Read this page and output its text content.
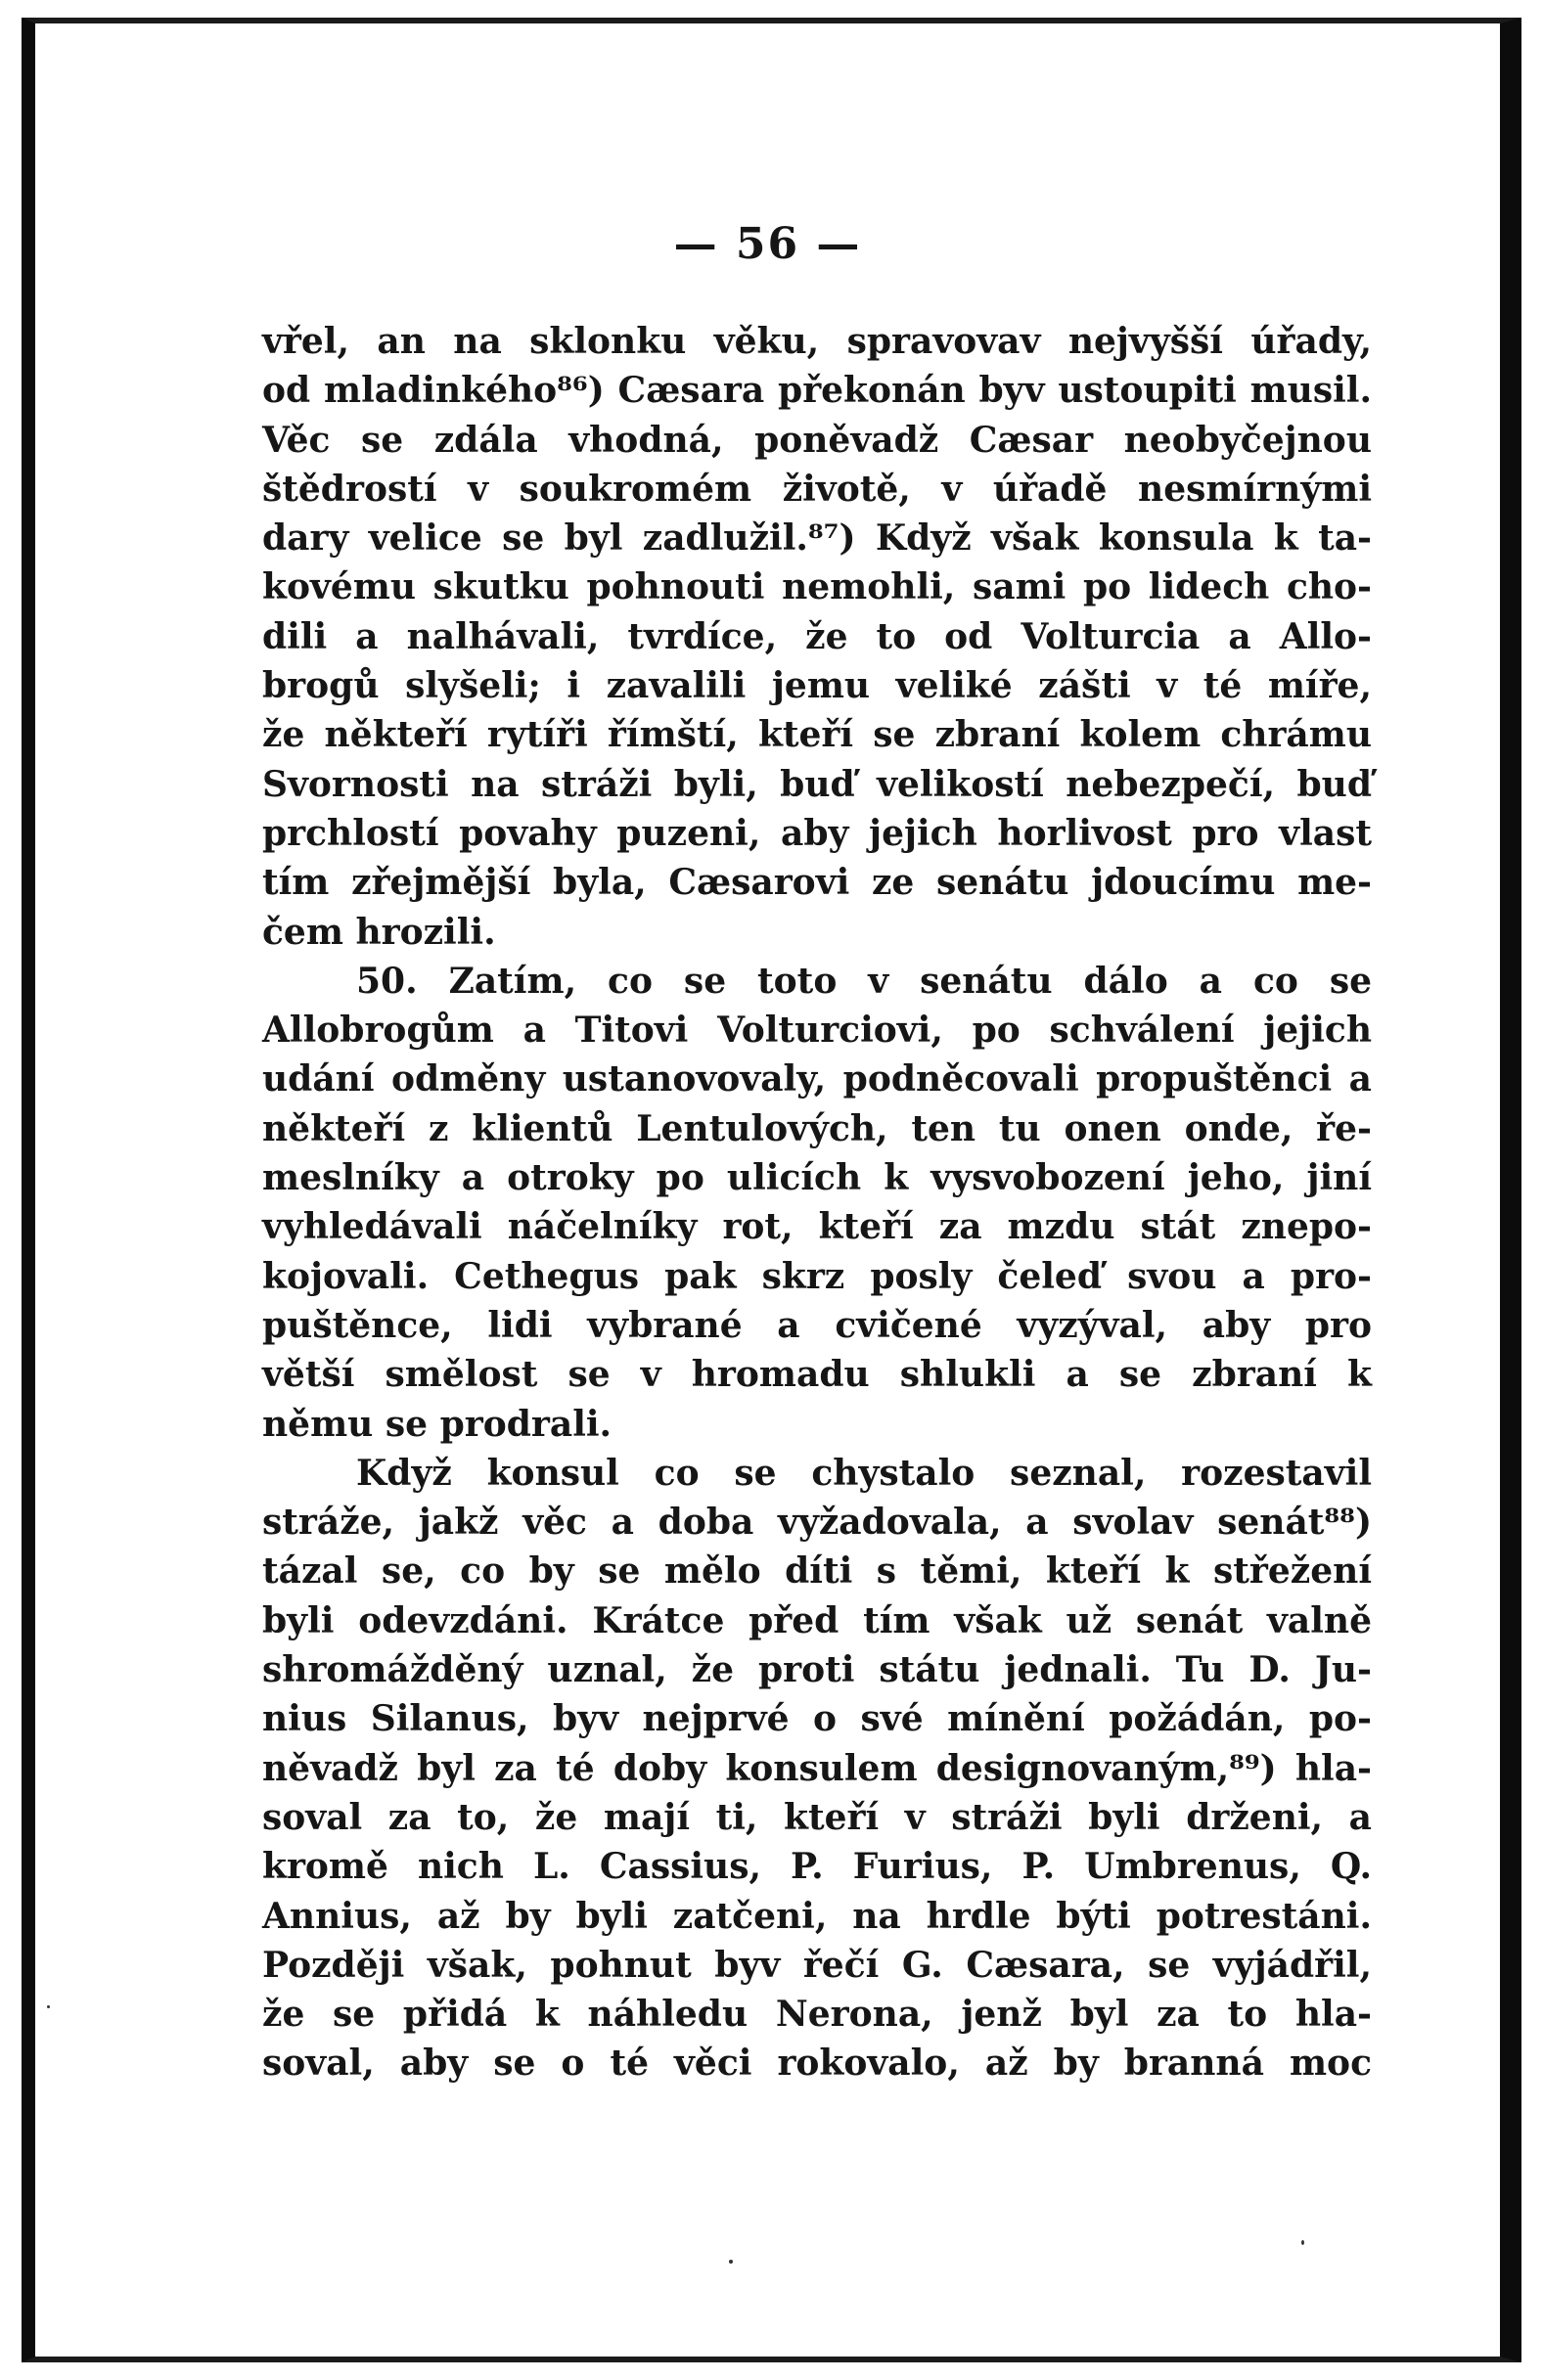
— 56 —
vřel, an na sklonku věku, spravovav nejvyšší úřady,
od mladinkého⁸⁶) Cæsara překonán byv ustoupiti musil.
Věc se zdála vhodná, poněvadž Cæsar neobyčejnou
štědrostí v soukromém životě, v úřadě nesmírnými
dary velice se byl zadlužil.⁸⁷) Když však konsula k ta-
kovému skutku pohnouti nemohli, sami po lidech cho-
dili a nalhávali, tvrdíce, že to od Volturcia a Allo-
brogů slyšeli; i zavalili jemu veliké zášti v té míře,
že někteří rytíři římští, kteří se zbraní kolem chrámu
Svornosti na stráži byli, buď velikostí nebezpečí, buď
prchlostí povahy puzeni, aby jejich horlivost pro vlast
tím zřejmější byla, Cæsarovi ze senátu jdoucímu me-
čem hrozili.
50. Zatím, co se toto v senátu dálo a co se
Allobrogům a Titovi Volturciovi, po schválení jejich
udání odměny ustanovovaly, podněcovali propuštěnci a
někteří z klientů Lentulových, ten tu onen onde, ře-
meslníky a otroky po ulicích k vysvobození jeho, jiní
vyhledávali náčelníky rot, kteří za mzdu stát znepo-
kojovali. Cethegus pak skrz posly čeleď svou a pro-
puštěnce, lidi vybrané a cvičené vyzýval, aby pro
větší smělost se v hromadu shlukli a se zbraní k
němu se prodrali.
Když konsul co se chystalo seznal, rozestavil
stráže, jakž věc a doba vyžadovala, a svolav senát⁸⁸)
tázal se, co by se mělo díti s těmi, kteří k střežení
byli odevzdáni. Krátce před tím však už senát valně
shromážděný uznal, že proti státu jednali. Tu D. Ju-
nius Silanus, byv nejprvé o své mínění požádán, po-
něvadž byl za té doby konsulem designovaným,⁸⁹) hla-
soval za to, že mají ti, kteří v stráži byli drženi, a
kromě nich L. Cassius, P. Furius, P. Umbrenus, Q.
Annius, až by byli zatčeni, na hrdle býti potrestáni.
Později však, pohnut byv řečí G. Cæsara, se vyjádřil,
že se přidá k náhledu Nerona, jenž byl za to hla-
soval, aby se o té věci rokovalo, až by branná moc
